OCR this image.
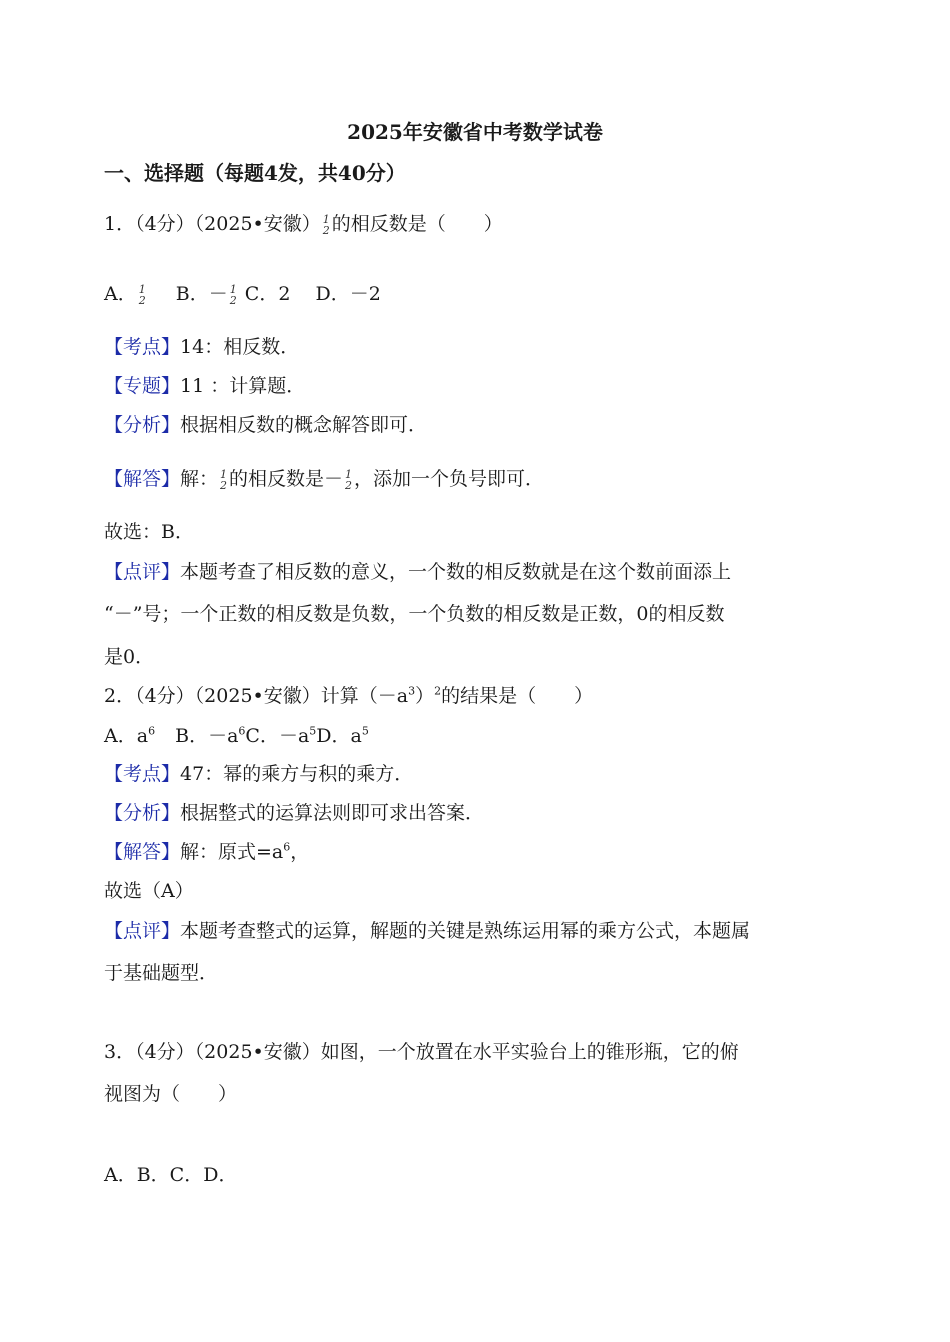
2025年安徽省中考数学试卷
一、选择题（每题4发，共40分）
1．（4分）（2025•安徽） 1
2 的相反数是（　　）
A． 1
2 B．－ 1
2 C．2　 D．－2
【考点】14：相反数．
【专题】11 ：计算题．
【分析】根据相反数的概念解答即可．
【解答】解： 1
2 的相反数是－ 1
2 ，添加一个负号即可．
故选：B．
【点评】本题考查了相反数的意义，一个数的相反数就是在这个数前面添上
“－”号；一个正数的相反数是负数，一个负数的相反数是正数，0的相反数
是0．
2．（4分）（2025•安徽）计算$(-a^3)^2$的结果是（　　）
A．$a^6$ B．$-a^6C$．$-a^5D$．$a^5$
【考点】47：幂的乘方与积的乘方．
【分析】根据整式的运算法则即可求出答案．
【解答】解：原式$=a^6$，
故选（A）
【点评】本题考查整式的运算，解题的关键是熟练运用幂的乘方公式，本题属
于基础题型．
3．（4分）（2025•安徽）如图，一个放置在水平实验台上的锥形瓶，它的俯
视图为（　　）
A．B．C．D．
